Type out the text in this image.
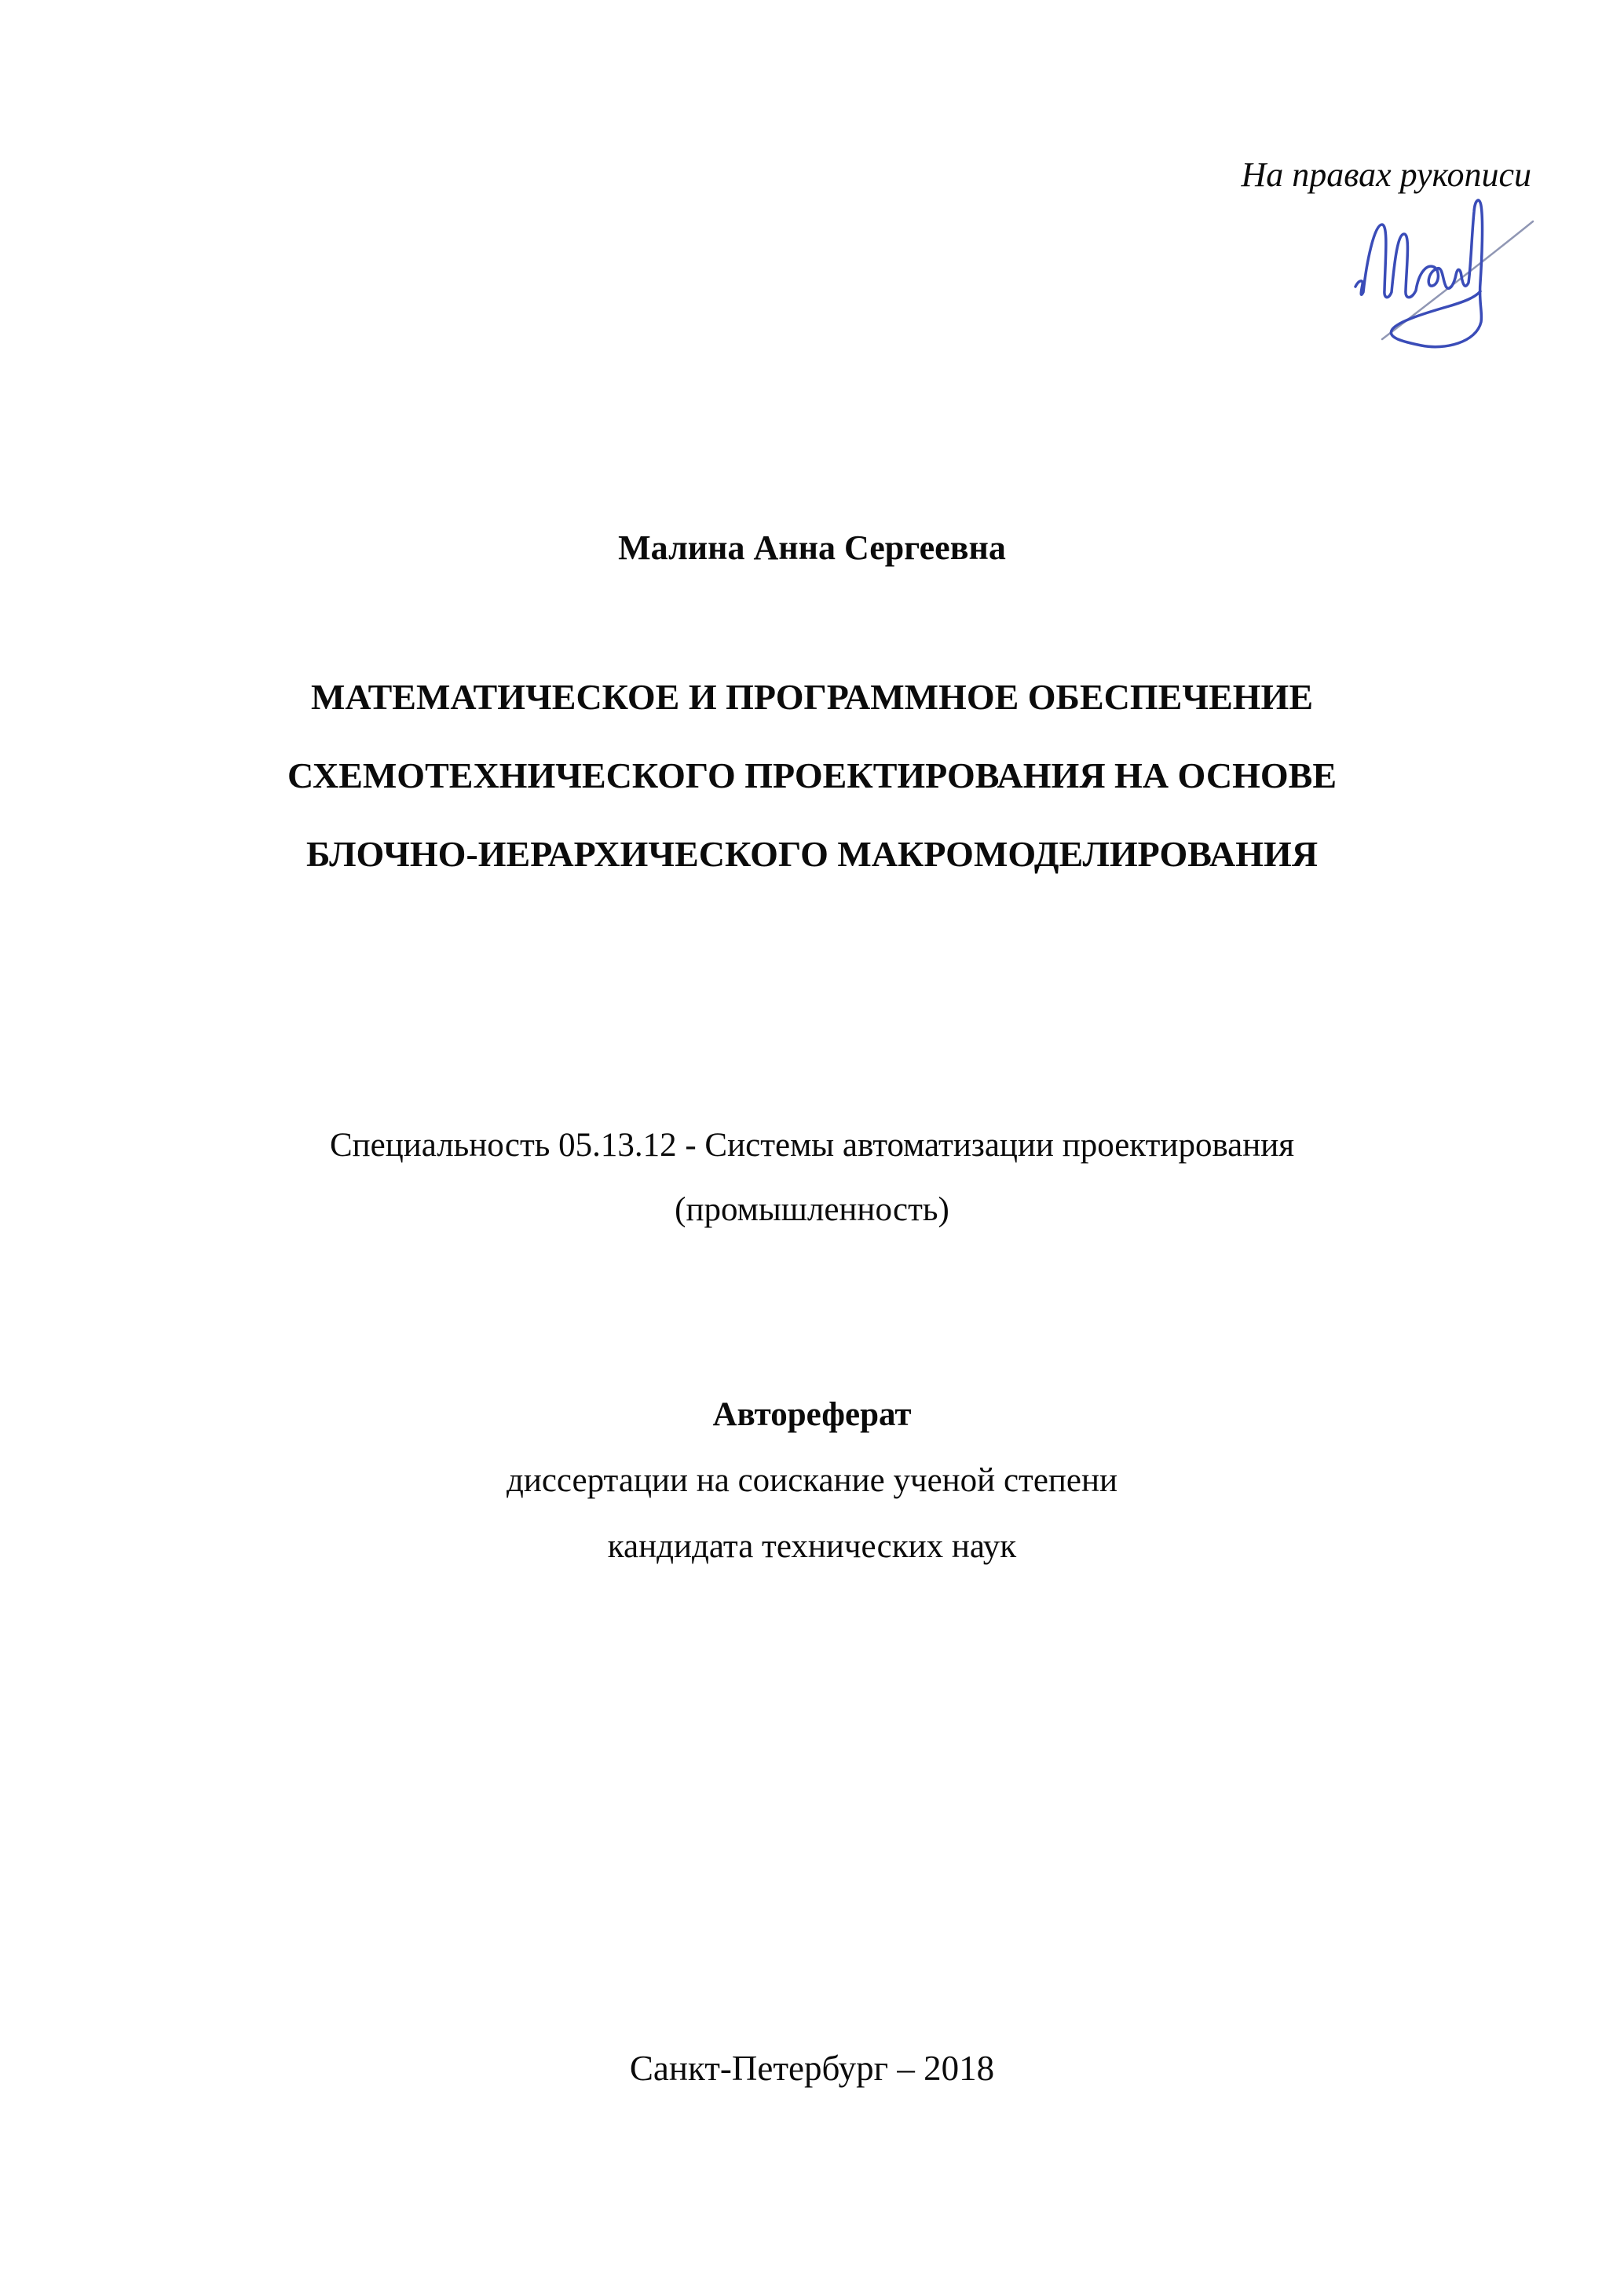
На правах рукописи
Малина Анна Сергеевна
МАТЕМАТИЧЕСКОЕ И ПРОГРАММНОЕ ОБЕСПЕЧЕНИЕ
СХЕМОТЕХНИЧЕСКОГО ПРОЕКТИРОВАНИЯ НА ОСНОВЕ
БЛОЧНО-ИЕРАРХИЧЕСКОГО МАКРОМОДЕЛИРОВАНИЯ
Специальность 05.13.12 - Системы автоматизации проектирования
(промышленность)
Автореферат
диссертации на соискание ученой степени
кандидата технических наук
Санкт-Петербург – 2018
